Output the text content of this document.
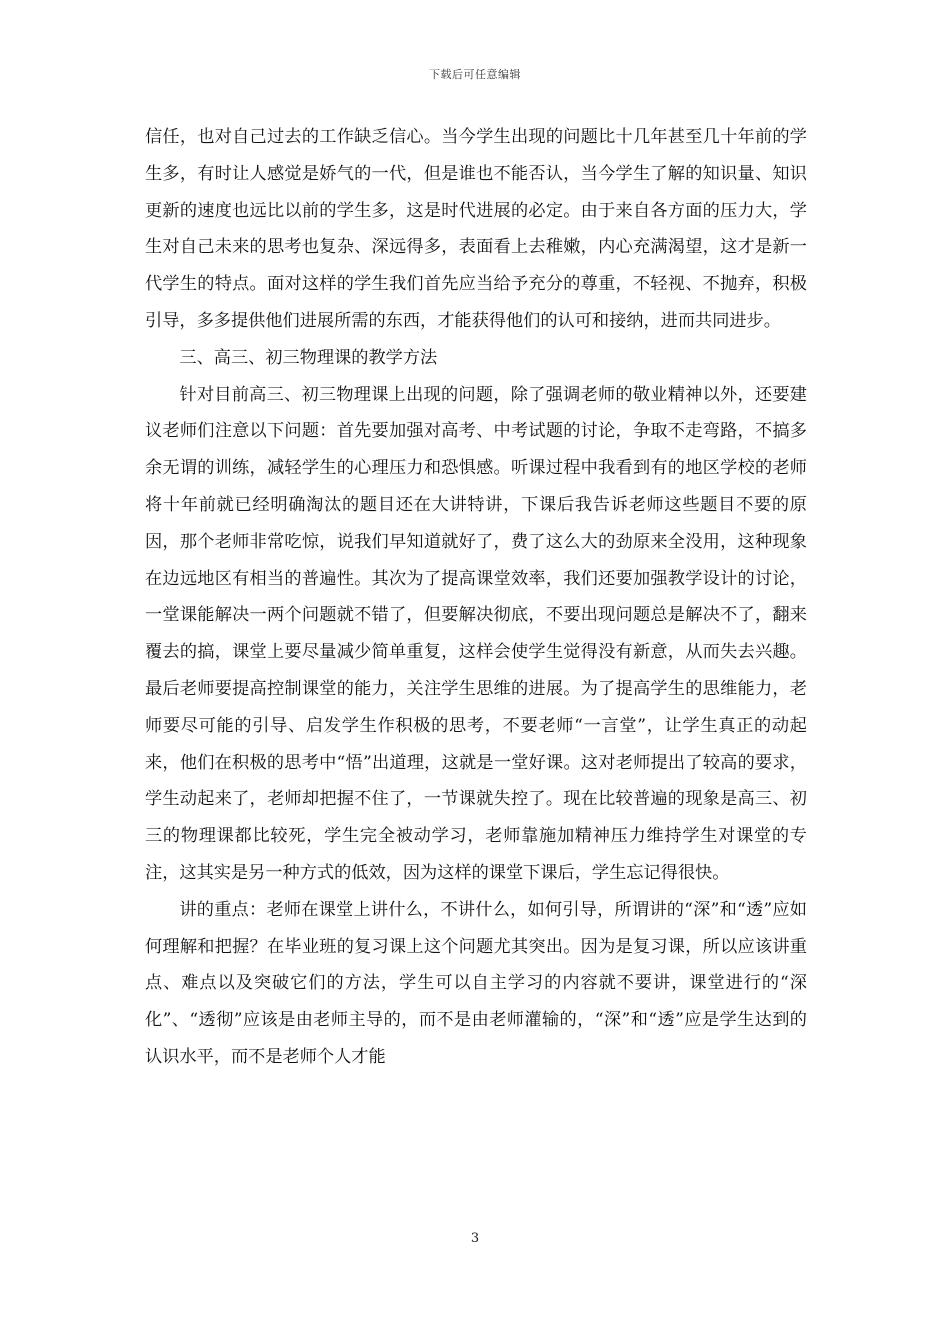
下载后可任意编辑

信任，也对自己过去的工作缺乏信心。当今学生出现的问题比十几年甚至几十年前的学生多，有时让人感觉是娇气的一代，但是谁也不能否认，当今学生了解的知识量、知识更新的速度也远比以前的学生多，这是时代进展的必定。由于来自各方面的压力大，学生对自己未来的思考也复杂、深远得多，表面看上去稚嫩，内心充满渴望，这才是新一代学生的特点。面对这样的学生我们首先应当给予充分的尊重，不轻视、不抛弃，积极引导，多多提供他们进展所需的东西，才能获得他们的认可和接纳，进而共同进步。

三、高三、初三物理课的教学方法

针对目前高三、初三物理课上出现的问题，除了强调老师的敬业精神以外，还要建议老师们注意以下问题：首先要加强对高考、中考试题的讨论，争取不走弯路，不搞多余无谓的训练，减轻学生的心理压力和恐惧感。听课过程中我看到有的地区学校的老师将十年前就已经明确淘汰的题目还在大讲特讲，下课后我告诉老师这些题目不要的原因，那个老师非常吃惊，说我们早知道就好了，费了这么大的劲原来全没用，这种现象在边远地区有相当的普遍性。其次为了提高课堂效率，我们还要加强教学设计的讨论，一堂课能解决一两个问题就不错了，但要解决彻底，不要出现问题总是解决不了，翻来覆去的搞，课堂上要尽量减少简单重复，这样会使学生觉得没有新意，从而失去兴趣。最后老师要提高控制课堂的能力，关注学生思维的进展。为了提高学生的思维能力，老师要尽可能的引导、启发学生作积极的思考，不要老师“一言堂”，让学生真正的动起来，他们在积极的思考中“悟”出道理，这就是一堂好课。这对老师提出了较高的要求，学生动起来了，老师却把握不住了，一节课就失控了。现在比较普遍的现象是高三、初三的物理课都比较死，学生完全被动学习，老师靠施加精神压力维持学生对课堂的专注，这其实是另一种方式的低效，因为这样的课堂下课后，学生忘记得很快。

讲的重点：老师在课堂上讲什么，不讲什么，如何引导，所谓讲的“深”和“透”应如何理解和把握？在毕业班的复习课上这个问题尤其突出。因为是复习课，所以应该讲重点、难点以及突破它们的方法，学生可以自主学习的内容就不要讲，课堂进行的“深化”、“透彻”应该是由老师主导的，而不是由老师灌输的，“深”和“透”应是学生达到的认识水平，而不是老师个人才能

3
